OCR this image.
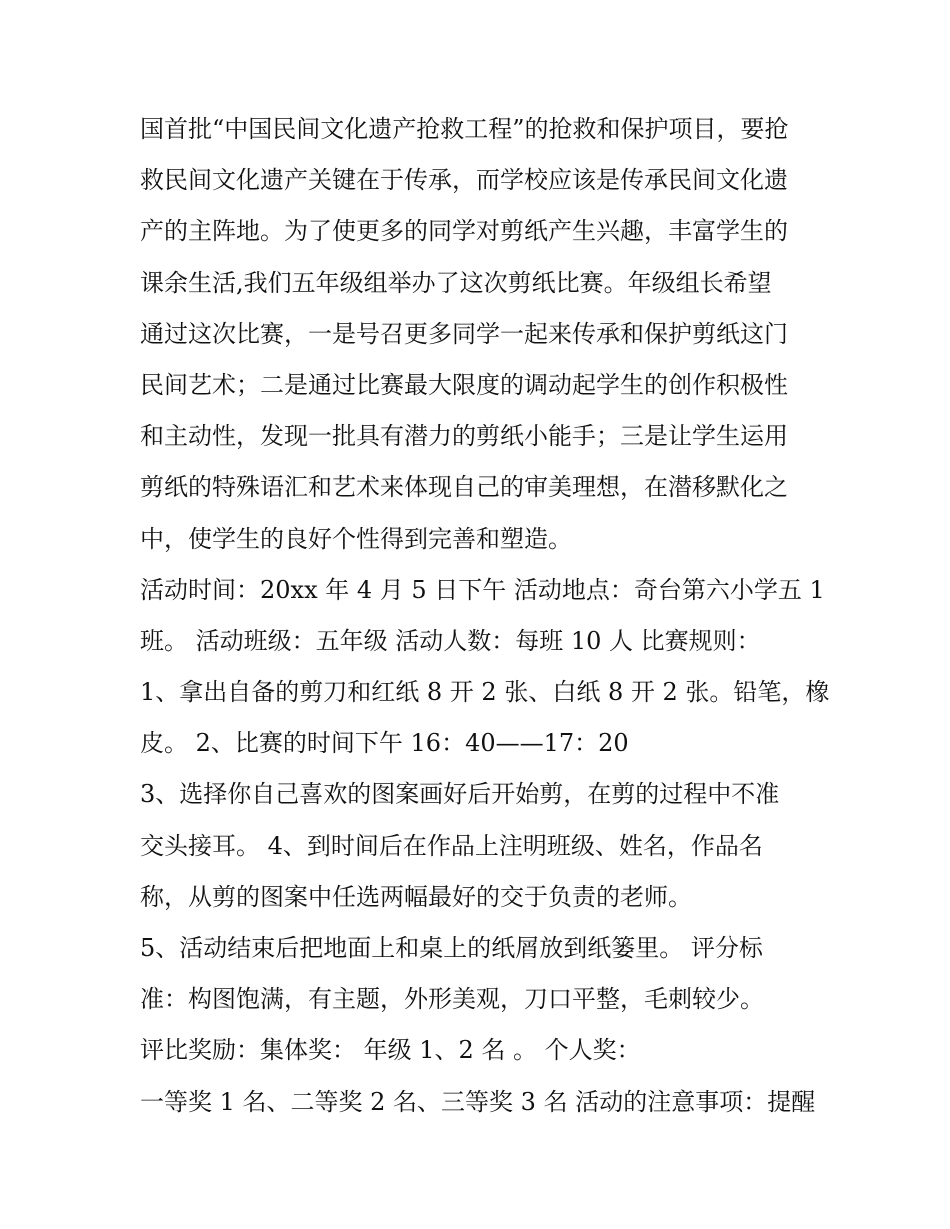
国首批“中国民间文化遗产抢救工程”的抢救和保护项目，要抢
救民间文化遗产关键在于传承，而学校应该是传承民间文化遗
产的主阵地。为了使更多的同学对剪纸产生兴趣，丰富学生的
课余生活,我们五年级组举办了这次剪纸比赛。年级组长希望
通过这次比赛，一是号召更多同学一起来传承和保护剪纸这门
民间艺术；二是通过比赛最大限度的调动起学生的创作积极性
和主动性，发现一批具有潜力的剪纸小能手；三是让学生运用
剪纸的特殊语汇和艺术来体现自己的审美理想，在潜移默化之
中，使学生的良好个性得到完善和塑造。
活动时间：20xx 年 4 月 5 日下午 活动地点：奇台第六小学五 1
班。 活动班级：五年级 活动人数：每班 10 人 比赛规则：
1、拿出自备的剪刀和红纸 8 开 2 张、白纸 8 开 2 张。铅笔，橡
皮。 2、比赛的时间下午 16：40——17：20
3、选择你自己喜欢的图案画好后开始剪，在剪的过程中不准
交头接耳。 4、到时间后在作品上注明班级、姓名，作品名
称，从剪的图案中任选两幅最好的交于负责的老师。
5、活动结束后把地面上和桌上的纸屑放到纸篓里。 评分标
准：构图饱满，有主题，外形美观，刀口平整，毛刺较少。
评比奖励：集体奖： 年级 1、2 名 。 个人奖：
一等奖 1 名、二等奖 2 名、三等奖 3 名 活动的注意事项：提醒
